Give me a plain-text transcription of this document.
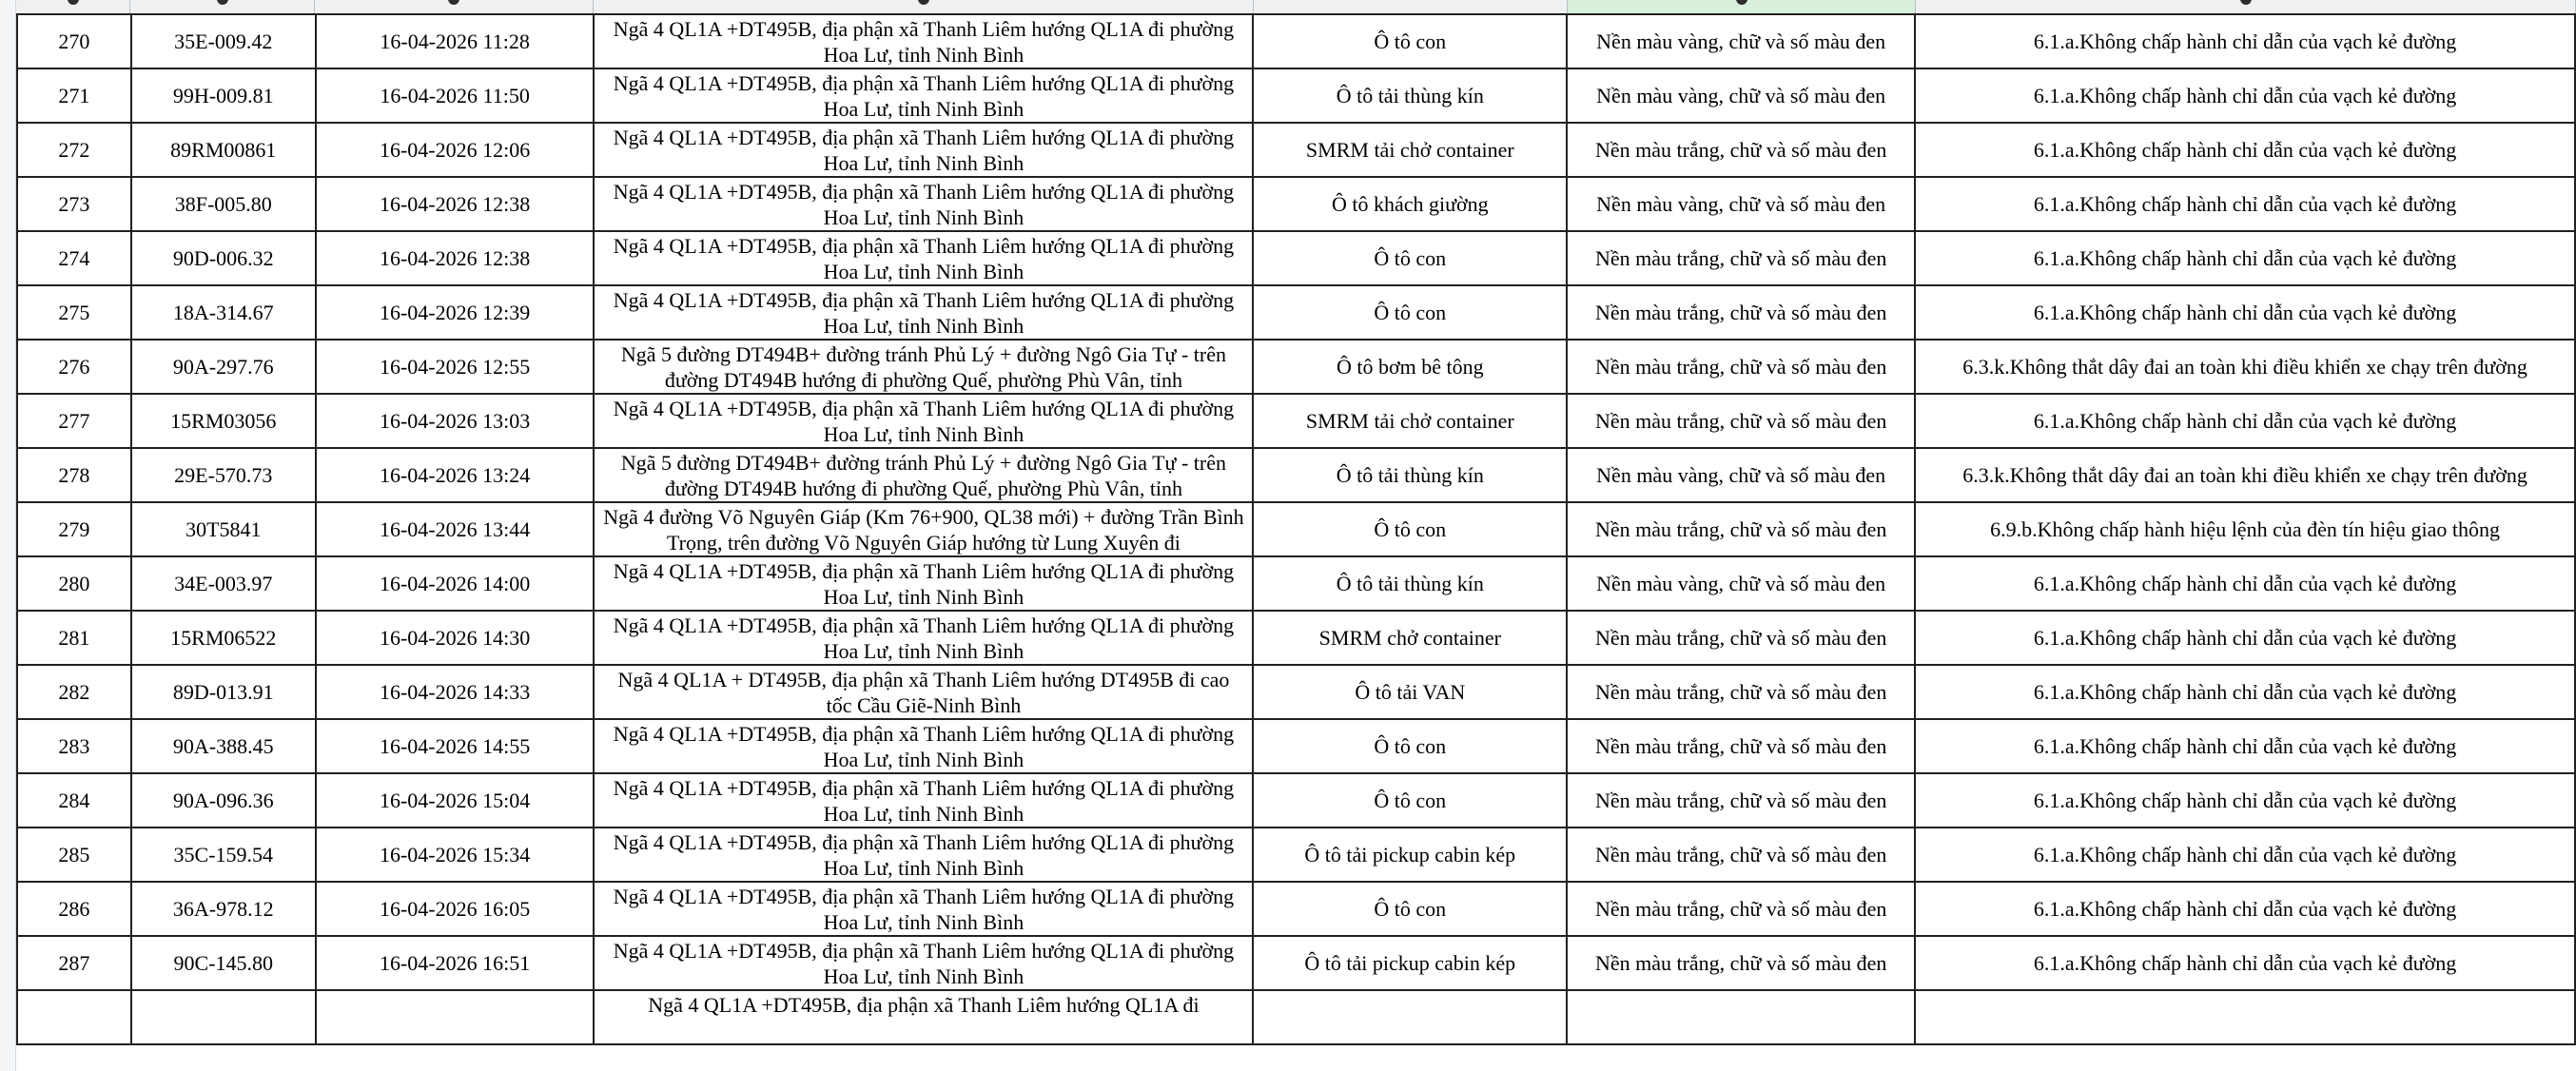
270	35E-009.42	16-04-2026 11:28	Ngã 4 QL1A +DT495B, địa phận xã Thanh Liêm hướng QL1A đi phường Hoa Lư, tỉnh Ninh Bình	Ô tô con	Nền màu vàng, chữ và số màu đen	6.1.a.Không chấp hành chỉ dẫn của vạch kẻ đường
271	99H-009.81	16-04-2026 11:50	Ngã 4 QL1A +DT495B, địa phận xã Thanh Liêm hướng QL1A đi phường Hoa Lư, tỉnh Ninh Bình	Ô tô tải thùng kín	Nền màu vàng, chữ và số màu đen	6.1.a.Không chấp hành chỉ dẫn của vạch kẻ đường
272	89RM00861	16-04-2026 12:06	Ngã 4 QL1A +DT495B, địa phận xã Thanh Liêm hướng QL1A đi phường Hoa Lư, tỉnh Ninh Bình	SMRM tải chở container	Nền màu trắng, chữ và số màu đen	6.1.a.Không chấp hành chỉ dẫn của vạch kẻ đường
273	38F-005.80	16-04-2026 12:38	Ngã 4 QL1A +DT495B, địa phận xã Thanh Liêm hướng QL1A đi phường Hoa Lư, tỉnh Ninh Bình	Ô tô khách giường	Nền màu vàng, chữ và số màu đen	6.1.a.Không chấp hành chỉ dẫn của vạch kẻ đường
274	90D-006.32	16-04-2026 12:38	Ngã 4 QL1A +DT495B, địa phận xã Thanh Liêm hướng QL1A đi phường Hoa Lư, tỉnh Ninh Bình	Ô tô con	Nền màu trắng, chữ và số màu đen	6.1.a.Không chấp hành chỉ dẫn của vạch kẻ đường
275	18A-314.67	16-04-2026 12:39	Ngã 4 QL1A +DT495B, địa phận xã Thanh Liêm hướng QL1A đi phường Hoa Lư, tỉnh Ninh Bình	Ô tô con	Nền màu trắng, chữ và số màu đen	6.1.a.Không chấp hành chỉ dẫn của vạch kẻ đường
276	90A-297.76	16-04-2026 12:55	Ngã 5 đường DT494B+ đường tránh Phủ Lý + đường Ngô Gia Tự - trên đường DT494B hướng đi phường Quế, phường Phù Vân, tỉnh	Ô tô bơm bê tông	Nền màu trắng, chữ và số màu đen	6.3.k.Không thắt dây đai an toàn khi điều khiển xe chạy trên đường
277	15RM03056	16-04-2026 13:03	Ngã 4 QL1A +DT495B, địa phận xã Thanh Liêm hướng QL1A đi phường Hoa Lư, tỉnh Ninh Bình	SMRM tải chở container	Nền màu trắng, chữ và số màu đen	6.1.a.Không chấp hành chỉ dẫn của vạch kẻ đường
278	29E-570.73	16-04-2026 13:24	Ngã 5 đường DT494B+ đường tránh Phủ Lý + đường Ngô Gia Tự - trên đường DT494B hướng đi phường Quế, phường Phù Vân, tỉnh	Ô tô tải thùng kín	Nền màu vàng, chữ và số màu đen	6.3.k.Không thắt dây đai an toàn khi điều khiển xe chạy trên đường
279	30T5841	16-04-2026 13:44	Ngã 4 đường Võ Nguyên Giáp (Km 76+900, QL38 mới) + đường Trần Bình Trọng, trên đường Võ Nguyên Giáp hướng từ Lung Xuyên đi	Ô tô con	Nền màu trắng, chữ và số màu đen	6.9.b.Không chấp hành hiệu lệnh của đèn tín hiệu giao thông
280	34E-003.97	16-04-2026 14:00	Ngã 4 QL1A +DT495B, địa phận xã Thanh Liêm hướng QL1A đi phường Hoa Lư, tỉnh Ninh Bình	Ô tô tải thùng kín	Nền màu vàng, chữ và số màu đen	6.1.a.Không chấp hành chỉ dẫn của vạch kẻ đường
281	15RM06522	16-04-2026 14:30	Ngã 4 QL1A +DT495B, địa phận xã Thanh Liêm hướng QL1A đi phường Hoa Lư, tỉnh Ninh Bình	SMRM chở container	Nền màu trắng, chữ và số màu đen	6.1.a.Không chấp hành chỉ dẫn của vạch kẻ đường
282	89D-013.91	16-04-2026 14:33	Ngã 4 QL1A + DT495B, địa phận xã Thanh Liêm hướng DT495B đi cao tốc Cầu Giẽ-Ninh Bình	Ô tô tải VAN	Nền màu trắng, chữ và số màu đen	6.1.a.Không chấp hành chỉ dẫn của vạch kẻ đường
283	90A-388.45	16-04-2026 14:55	Ngã 4 QL1A +DT495B, địa phận xã Thanh Liêm hướng QL1A đi phường Hoa Lư, tỉnh Ninh Bình	Ô tô con	Nền màu trắng, chữ và số màu đen	6.1.a.Không chấp hành chỉ dẫn của vạch kẻ đường
284	90A-096.36	16-04-2026 15:04	Ngã 4 QL1A +DT495B, địa phận xã Thanh Liêm hướng QL1A đi phường Hoa Lư, tỉnh Ninh Bình	Ô tô con	Nền màu trắng, chữ và số màu đen	6.1.a.Không chấp hành chỉ dẫn của vạch kẻ đường
285	35C-159.54	16-04-2026 15:34	Ngã 4 QL1A +DT495B, địa phận xã Thanh Liêm hướng QL1A đi phường Hoa Lư, tỉnh Ninh Bình	Ô tô tải pickup cabin kép	Nền màu trắng, chữ và số màu đen	6.1.a.Không chấp hành chỉ dẫn của vạch kẻ đường
286	36A-978.12	16-04-2026 16:05	Ngã 4 QL1A +DT495B, địa phận xã Thanh Liêm hướng QL1A đi phường Hoa Lư, tỉnh Ninh Bình	Ô tô con	Nền màu trắng, chữ và số màu đen	6.1.a.Không chấp hành chỉ dẫn của vạch kẻ đường
287	90C-145.80	16-04-2026 16:51	Ngã 4 QL1A +DT495B, địa phận xã Thanh Liêm hướng QL1A đi phường Hoa Lư, tỉnh Ninh Bình	Ô tô tải pickup cabin kép	Nền màu trắng, chữ và số màu đen	6.1.a.Không chấp hành chỉ dẫn của vạch kẻ đường

			Ngã 4 QL1A +DT495B, địa phận xã Thanh Liêm hướng QL1A đi			
